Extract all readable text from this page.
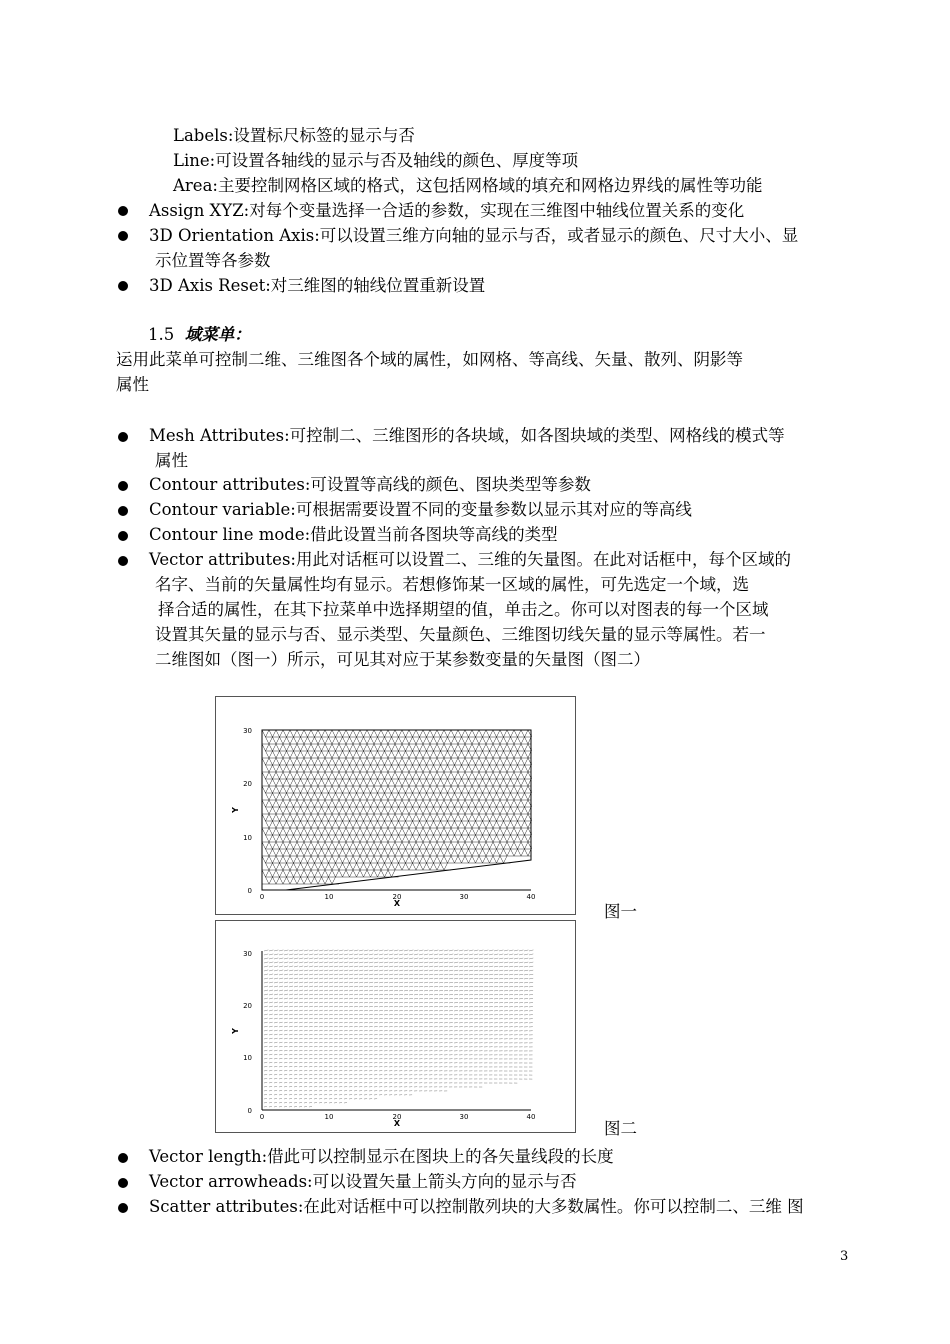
Labels:设置标尺标签的显示与否
Line:可设置各轴线的显示与否及轴线的颜色、厚度等项
Area:主要控制网格区域的格式，这包括网格域的填充和网格边界线的属性等功能
Assign XYZ:对每个变量选择一合适的参数，实现在三维图中轴线位置关系的变化
3D Orientation Axis:可以设置三维方向轴的显示与否，或者显示的颜色、尺寸大小、显
示位置等各参数
3D Axis Reset:对三维图的轴线位置重新设置
1.5 域菜单：
运用此菜单可控制二维、三维图各个域的属性，如网格、等高线、矢量、散列、阴影等
属性
Mesh Attributes:可控制二、三维图形的各块域，如各图块域的类型、网格线的模式等
属性
Contour attributes:可设置等高线的颜色、图块类型等参数
Contour variable:可根据需要设置不同的变量参数以显示其对应的等高线
Contour line mode:借此设置当前各图块等高线的类型
Vector attributes:用此对话框可以设置二、三维的矢量图。在此对话框中，每个区域的
名字、当前的矢量属性均有显示。若想修饰某一区域的属性，可先选定一个域，选
择合适的属性，在其下拉菜单中选择期望的值，单击之。你可以对图表的每一个区域
设置其矢量的显示与否、显示类型、矢量颜色、三维图切线矢量的显示等属性。若一
二维图如（图一）所示，可见其对应于某参数变量的矢量图（图二）
30
20
10
0
0	10	20	30	40
X
Y
图一
30
20
10
0
0	10	20	30	40
X
Y
图二
Vector length:借此可以控制显示在图块上的各矢量线段的长度
Vector arrowheads:可以设置矢量上箭头方向的显示与否
Scatter attributes:在此对话框中可以控制散列块的大多数属性。你可以控制二、三维 图
3
